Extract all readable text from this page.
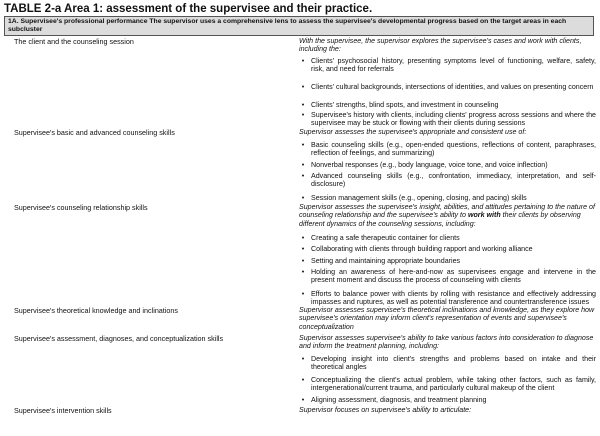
TABLE 2-a Area 1: assessment of the supervisee and their practice.
1A. Supervisee's professional performance The supervisor uses a comprehensive lens to assess the supervisee's developmental progress based on the target areas in each subcluster
The client and the counseling session	With the supervisee, the supervisor explores the supervisee's cases and work with clients, including the:
• Clients' psychosocial history, presenting symptoms level of functioning, welfare, safety, risk, and need for referrals
• Clients' cultural backgrounds, intersections of identities, and values on presenting concern
• Clients' strengths, blind spots, and investment in counseling
• Supervisee's history with clients, including clients' progress across sessions and where the supervisee may be stuck or flowing with their clients during sessions
Supervisee's basic and advanced counseling skills	Supervisor assesses the supervisee's appropriate and consistent use of:
• Basic counseling skills (e.g., open-ended questions, reflections of content, paraphrases, reflection of feelings, and summarizing)
• Nonverbal responses (e.g., body language, voice tone, and voice inflection)
• Advanced counseling skills (e.g., confrontation, immediacy, interpretation, and self-disclosure)
• Session management skills (e.g., opening, closing, and pacing) skills
Supervisee's counseling relationship skills	Supervisor assesses the supervisee's insight, abilities, and attitudes pertaining to the nature of counseling relationship and the supervisee's ability to work with their clients by observing different dynamics of the counseling sessions, including:
• Creating a safe therapeutic container for clients
• Collaborating with clients through building rapport and working alliance
• Setting and maintaining appropriate boundaries
• Holding an awareness of here-and-now as supervisees engage and intervene in the present moment and discuss the process of counseling with clients
• Efforts to balance power with clients by rolling with resistance and effectively addressing impasses and ruptures, as well as potential transference and countertransference issues
Supervisee's theoretical knowledge and inclinations	Supervisor assesses supervisee's theoretical inclinations and knowledge, as they explore how supervisee's orientation may inform client's representation of events and supervisee's conceptualization
Supervisee's assessment, diagnoses, and conceptualization skills	Supervisor assesses supervisee's ability to take various factors into consideration to diagnose and inform the treatment planning, including:
• Developing insight into client's strengths and problems based on intake and their theoretical angles
• Conceptualizing the client's actual problem, while taking other factors, such as family, intergenerational/current trauma, and particularly cultural makeup of the client
• Aligning assessment, diagnosis, and treatment planning
Supervisee's intervention skills	Supervisor focuses on supervisee's ability to articulate:
